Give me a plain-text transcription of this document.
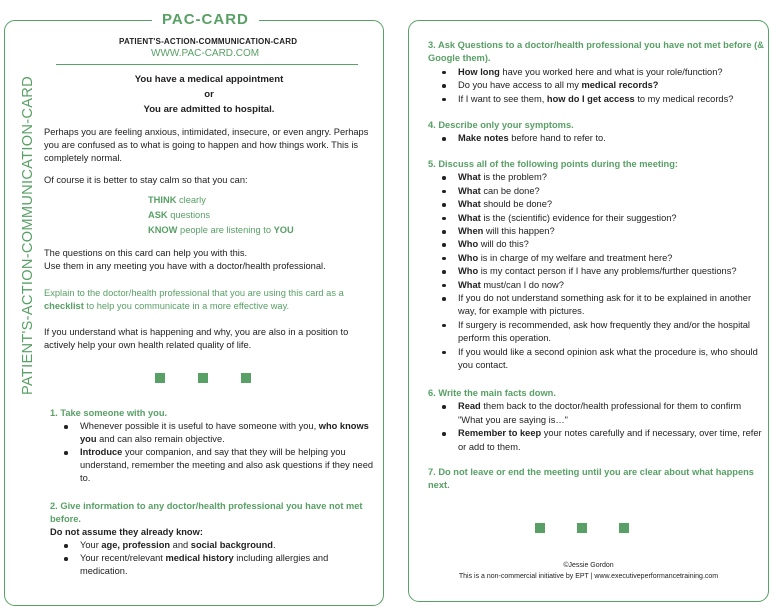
PAC-CARD
PATIENT'S-ACTION-COMMUNICATION-CARD
WWW.PAC-CARD.COM
PATIENT'S-ACTION-COMMUNICATION-CARD	You have a medical appointment
or
You are admitted to hospital.

Perhaps you are feeling anxious, intimidated, insecure, or even angry. Perhaps you are confused as to what is going to happen and how things work. This is completely normal.

Of course it is better to stay calm so that you can:

THINK clearly
ASK questions
KNOW people are listening to YOU

The questions on this card can help you with this.

Use them in any meeting you have with a doctor/health professional.

Explain to the doctor/health professional that you are using this card as a checklist to help you communicate in a more effective way.

If you understand what is happening and why, you are also in a position to actively help your own health related quality of life.

1. Take someone with you.
Whenever possible it is useful to have someone with you, who knows you and can also remain objective.
Introduce your companion, and say that they will be helping you understand, remember the meeting and also ask questions if they need to.
2. Give information to any doctor/health professional you have not met before.

Do not assume they already know:

Your age, profession and social background.
Your recent/relevant medical history including allergies and medication.
3. Ask Questions to a doctor/health professional you have not met before (& Google them).
How long have you worked here and what is your role/function?
Do you have access to all my medical records?
If I want to see them, how do I get access to my medical records?
4. Describe only your symptoms.
Make notes before hand to refer to.
5. Discuss all of the following points during the meeting:
What is the problem?
What can be done?
What should be done?
What is the (scientific) evidence for their suggestion?
When will this happen?
Who will do this?
Who is in charge of my welfare and treatment here?
Who is my contact person if I have any problems/further questions?
What must/can I do now?
If you do not understand something ask for it to be explained in another way, for example with pictures.
If surgery is recommended, ask how frequently they and/or the hospital perform this operation.
If you would like a second opinion ask what the procedure is, who should you contact.
6. Write the main facts down.
Read them back to the doctor/health professional for them to confirm "What you are saying is…"
Remember to keep your notes carefully and if necessary, over time, refer or add to them.
7. Do not leave or end the meeting until you are clear about what happens next.
©Jessie Gordon
This is a non-commercial initiative by EPT | www.executiveperformancetraining.com
